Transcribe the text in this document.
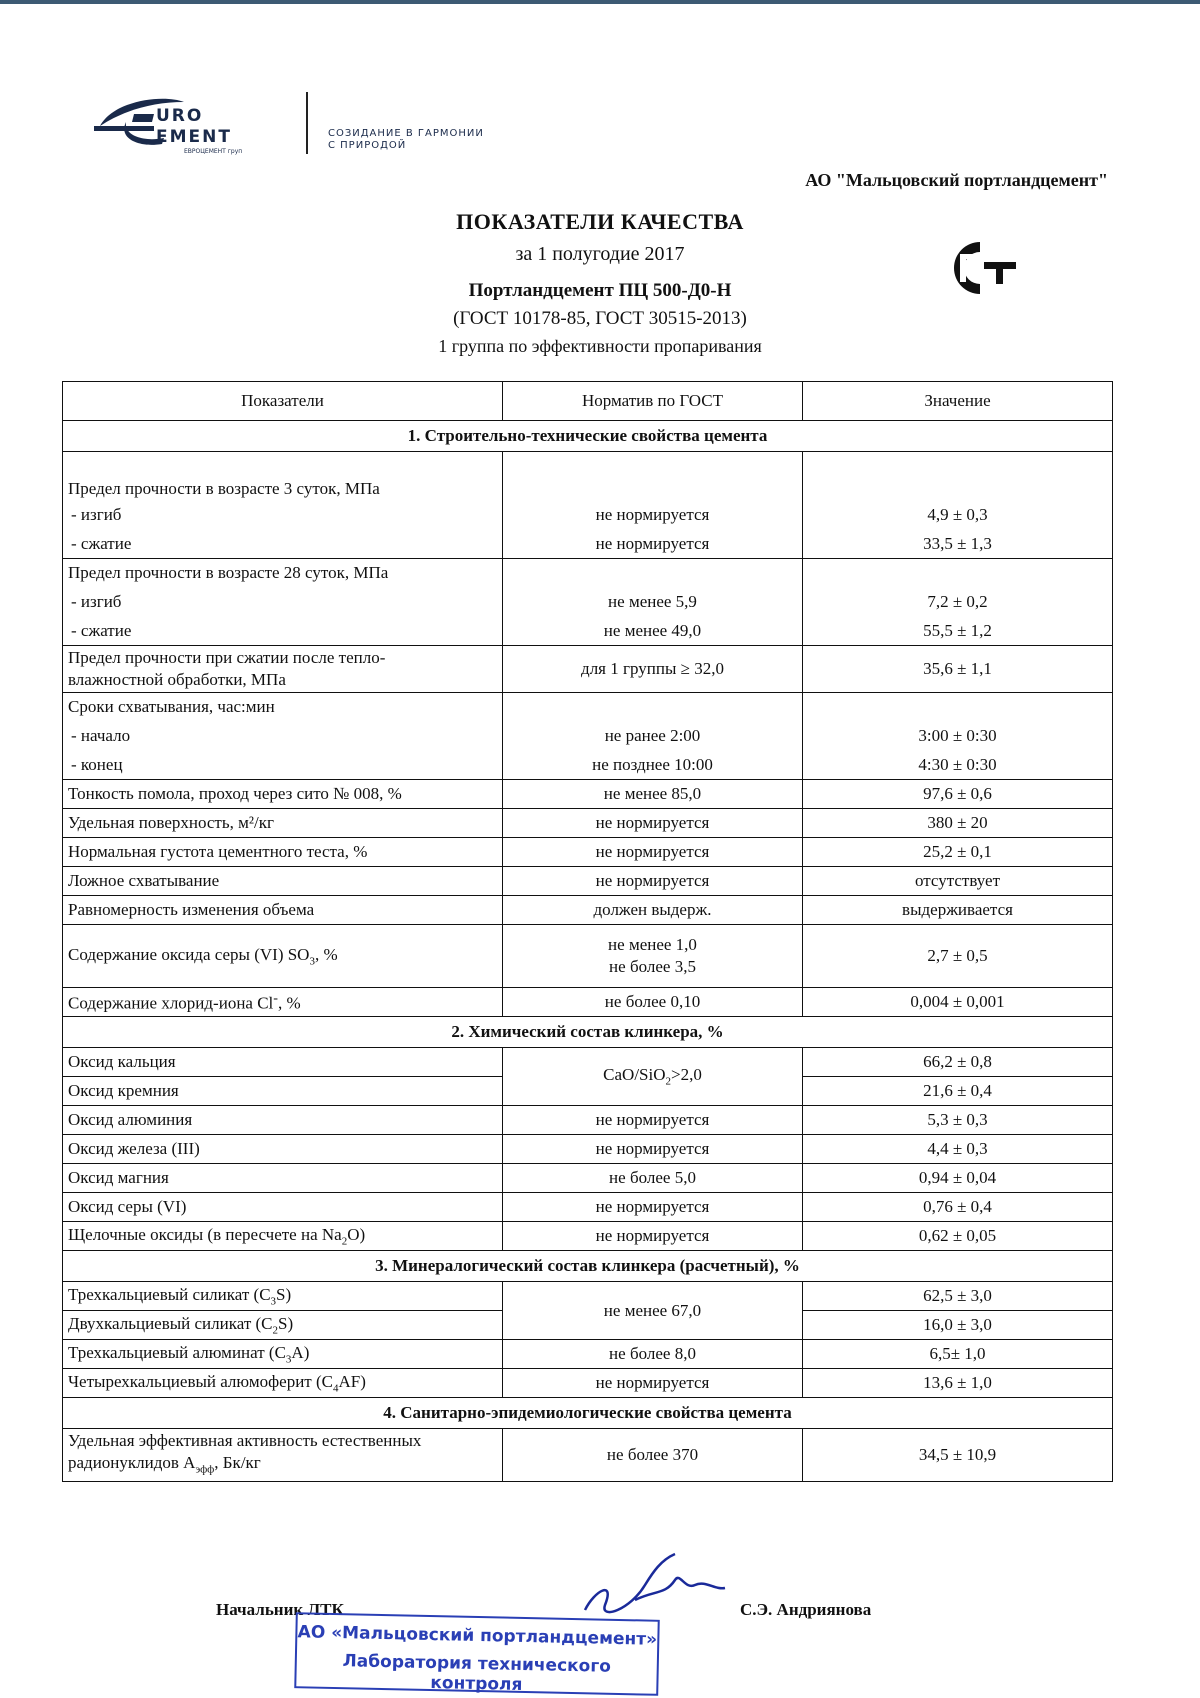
URO
EMENT
ЕВРОЦЕМЕНТ груп
СОЗИДАНИЕ В ГАРМОНИИ
С ПРИРОДОЙ
АО "Мальцовский портландцемент"
ПОКАЗАТЕЛИ КАЧЕСТВА
за 1 полугодие 2017
Портландцемент ПЦ 500-Д0-Н
(ГОСТ 10178-85, ГОСТ 30515-2013)
1 группа по эффективности пропаривания
Показатели	Норматив по ГОСТ	Значение
1. Строительно-технические свойства цемента		
Предел прочности в возрасте 3 суток, МПа		
- изгиб	не нормируется	4,9 ± 0,3
- сжатие	не нормируется	33,5 ± 1,3
Предел прочности в возрасте 28 суток, МПа		
- изгиб	не менее 5,9	7,2 ± 0,2
- сжатие	не менее 49,0	55,5 ± 1,2

Предел прочности при сжатии после тепло-
влажностной обработки, МПа	для 1 группы ≥ 32,0	35,6 ± 1,1
Сроки схватывания, час:мин		
- начало	не ранее 2:00	3:00 ± 0:30
- конец	не позднее 10:00	4:30 ± 0:30
Тонкость помола, проход через сито № 008, %	не менее 85,0	97,6 ± 0,6
Удельная поверхность, м²/кг	не нормируется	380 ± 20
Нормальная густота цементного теста, %	не нормируется	25,2 ± 0,1
Ложное схватывание	не нормируется	отсутствует
Равномерность изменения объема	должен выдерж.	выдерживается
Содержание оксида серы (VI) $SO_3$, %	не менее 1,0
не более 3,5	2,7 ± 0,5
Содержание хлорид-иона Cl-, %	не более 0,10	0,004 ± 0,001
2. Химический состав клинкера, %		
Оксид кальция	CaO/SiO$_2$>2,0	66,2 ± 0,8
Оксид кремния		21,6 ± 0,4
Оксид алюминия	не нормируется	5,3 ± 0,3
Оксид железа (III)	не нормируется	4,4 ± 0,3
Оксид магния	не более 5,0	0,94 ± 0,04
Оксид серы (VI)	не нормируется	0,76 ± 0,4
Щелочные оксиды (в пересчете на $Na_2O$)	не нормируется	0,62 ± 0,05
3. Минералогический состав клинкера (расчетный), %		
Трехкальциевый силикат $(C_3S)$	не менее 67,0	62,5 ± 3,0
Двухкальциевый силикат $(C_2S)$		16,0 ± 3,0
Трехкальциевый алюминат $(C_3A)$	не более 8,0	6,5± 1,0
Четырехкальциевый алюмоферит $(C_4AF)$	не нормируется	13,6 ± 1,0
4. Санитарно-эпидемиологические свойства цемента		

Удельная эффективная активность естественных
радионуклидов $А_{эфф}$, Бк/кг	не более 370	34,5 ± 10,9
Начальник ЛТК
АО «Мальцовский портландцемент»
Лаборатория технического контроля
С.Э. Андриянова
